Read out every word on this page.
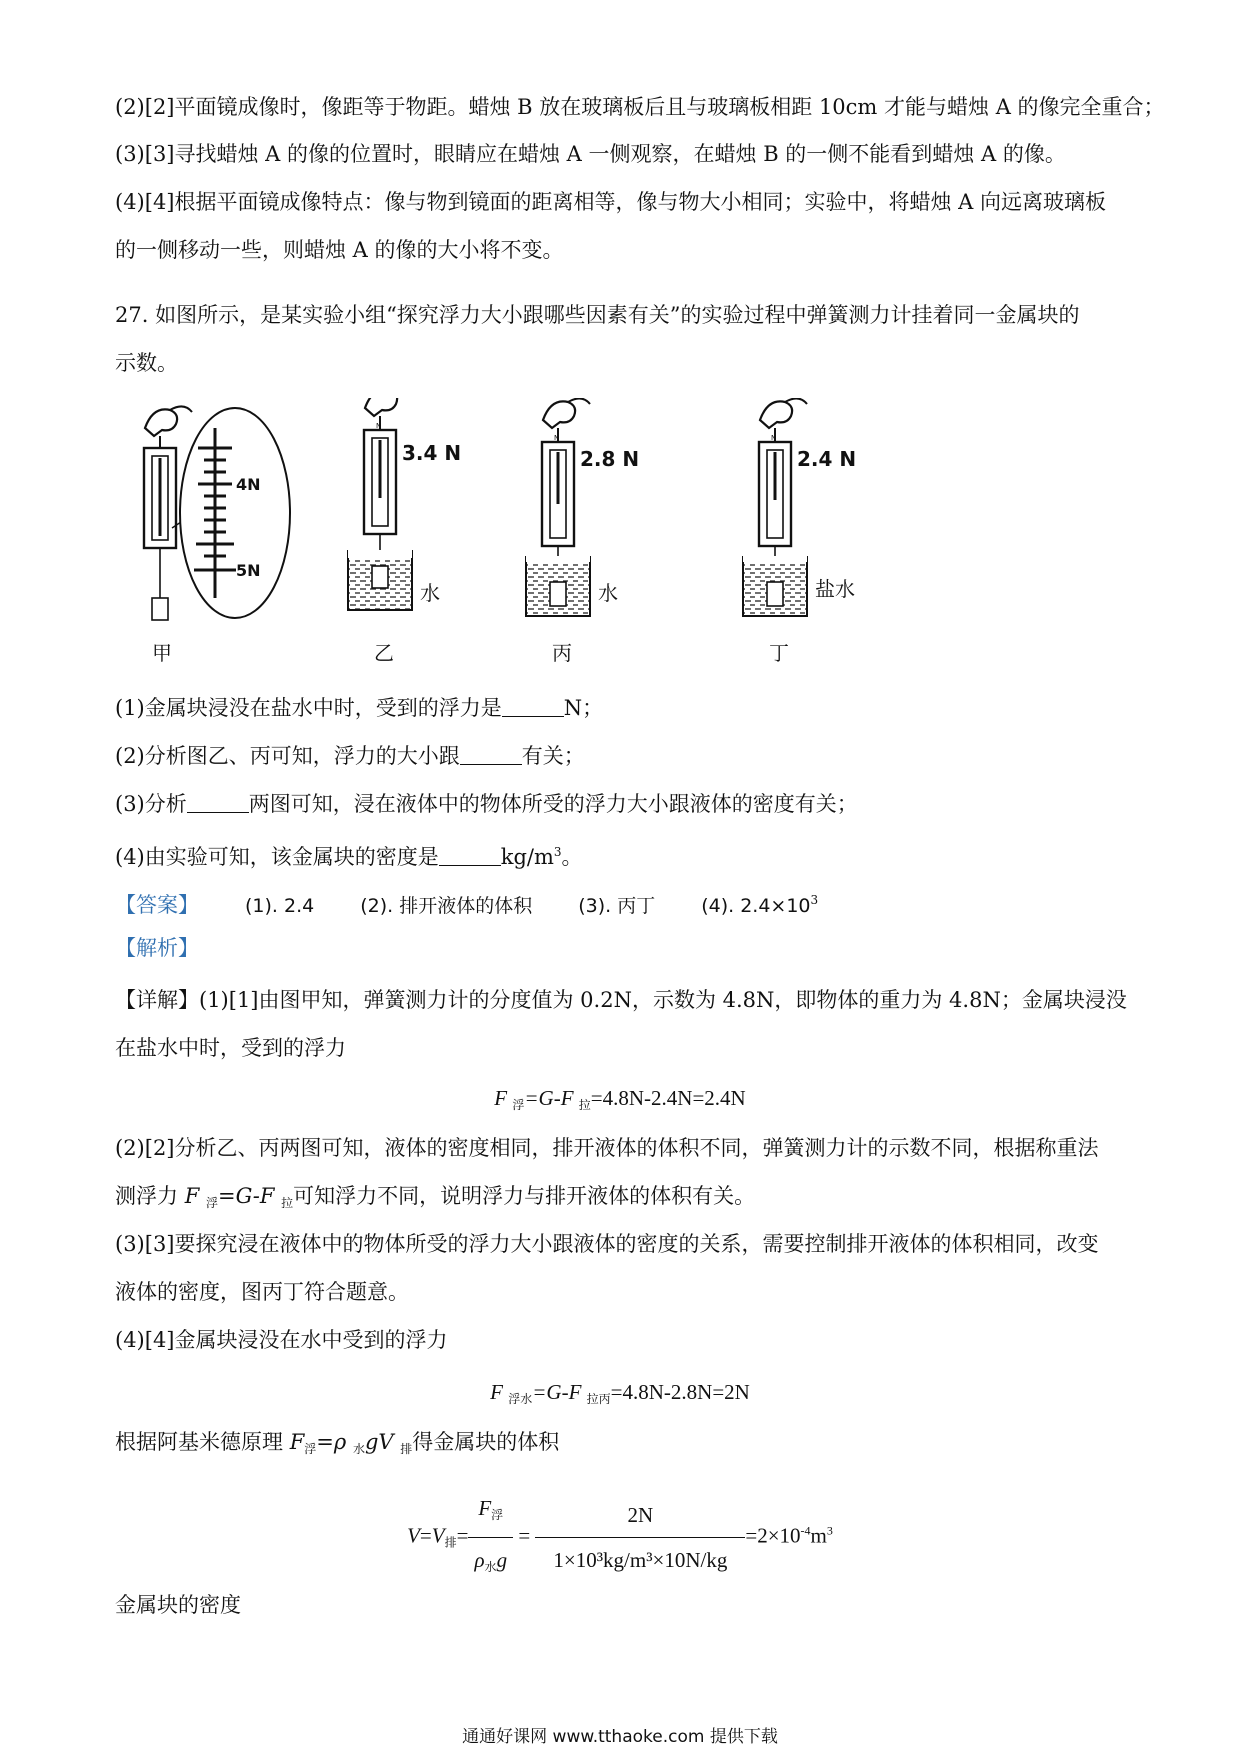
(2)[2]平面镜成像时，像距等于物距。蜡烛 B 放在玻璃板后且与玻璃板相距 10cm 才能与蜡烛 A 的像完全重合；
(3)[3]寻找蜡烛 A 的像的位置时，眼睛应在蜡烛 A 一侧观察，在蜡烛 B 的一侧不能看到蜡烛 A 的像。
(4)[4]根据平面镜成像特点：像与物到镜面的距离相等，像与物大小相同；实验中，将蜡烛 A 向远离玻璃板
的一侧移动一些，则蜡烛 A 的像的大小将不变。
27. 如图所示，是某实验小组“探究浮力大小跟哪些因素有关”的实验过程中弹簧测力计挂着同一金属块的
示数。
4N
5N
甲
N
3.4 N
水
乙
N
2.8 N
水
丙
N
2.4 N
盐水
丁
(1)金属块浸没在盐水中时，受到的浮力是	N；
(2)分析图乙、丙可知，浮力的大小跟	有关；
(3)分析	两图可知，浸在液体中的物体所受的浮力大小跟液体的密度有关；
(4)由实验可知，该金属块的密度是	$kg/m^3$。
【答案】 (1). 2.4 (2). 排开液体的体积 (3). 丙丁 (4). $2.4\times 10^3$
【解析】
【详解】(1)[1]由图甲知，弹簧测力计的分度值为 0.2N，示数为 4.8N，即物体的重力为 4.8N；金属块浸没
在盐水中时，受到的浮力
F $_浮$=G-F $_拉$=4.8N-2.4N=2.4N
(2)[2]分析乙、丙两图可知，液体的密度相同，排开液体的体积不同，弹簧测力计的示数不同，根据称重法
测浮力 F $_浮$=G-F $_拉$可知浮力不同，说明浮力与排开液体的体积有关。
(3)[3]要探究浸在液体中的物体所受的浮力大小跟液体的密度的关系，需要控制排开液体的体积相同，改变
液体的密度，图丙丁符合题意。
(4)[4]金属块浸没在水中受到的浮力
F $_{浮水}$=G-F $_{拉丙}$=4.8N-2.8N=2N
根据阿基米德原理 $F_浮=\rho$ $_水$gV $_排$得金属块的体积
$V=V_排= \frac{F_浮}{\rho_水g} = \frac{2N}{\text{1×10³kg/m³×10N/kg}} =2\times 10^{-4}m^3$
金属块的密度
通通好课网 www.tthaoke.com 提供下载
